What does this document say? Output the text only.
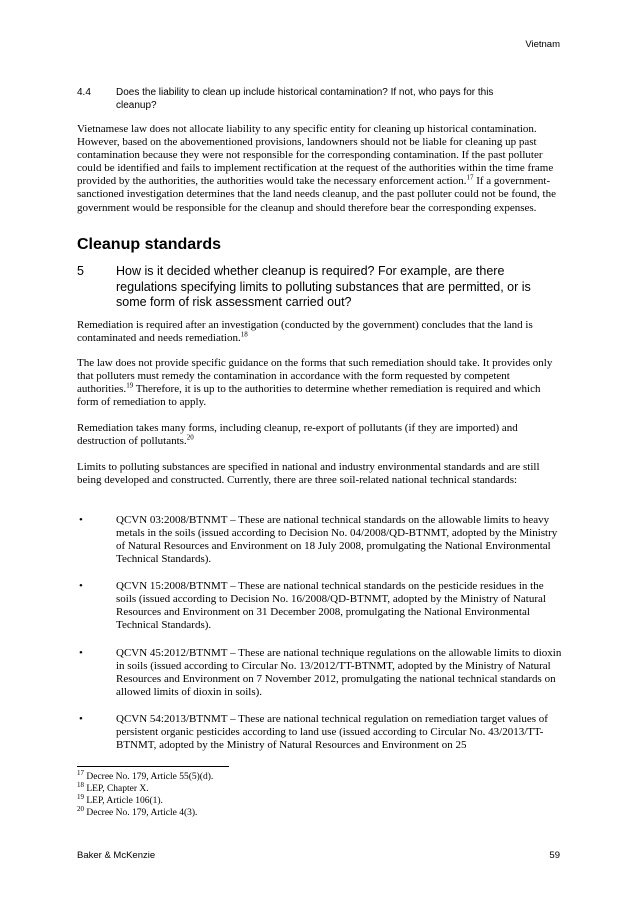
Vietnam
4.4	Does the liability to clean up include historical contamination? If not, who pays for this cleanup?
Vietnamese law does not allocate liability to any specific entity for cleaning up historical contamination. However, based on the abovementioned provisions, landowners should not be liable for cleaning up past contamination because they were not responsible for the corresponding contamination. If the past polluter could be identified and fails to implement rectification at the request of the authorities within the time frame provided by the authorities, the authorities would take the necessary enforcement action.$^{17}$ If a government-sanctioned investigation determines that the land needs cleanup, and the past polluter could not be found, the government would be responsible for the cleanup and should therefore bear the corresponding expenses.
Cleanup standards
5	How is it decided whether cleanup is required? For example, are there regulations specifying limits to polluting substances that are permitted, or is some form of risk assessment carried out?
Remediation is required after an investigation (conducted by the government) concludes that the land is contaminated and needs remediation.$^{18}$
The law does not provide specific guidance on the forms that such remediation should take. It provides only that polluters must remedy the contamination in accordance with the form requested by competent authorities.$^{19}$ Therefore, it is up to the authorities to determine whether remediation is required and which form of remediation to apply.
Remediation takes many forms, including cleanup, re-export of pollutants (if they are imported) and destruction of pollutants.$^{20}$
Limits to polluting substances are specified in national and industry environmental standards and are still being developed and constructed. Currently, there are three soil-related national technical standards:
•	QCVN 03:2008/BTNMT – These are national technical standards on the allowable limits to heavy metals in the soils (issued according to Decision No. 04/2008/QD-BTNMT, adopted by the Ministry of Natural Resources and Environment on 18 July 2008, promulgating the National Environmental Technical Standards).
•	QCVN 15:2008/BTNMT – These are national technical standards on the pesticide residues in the soils (issued according to Decision No. 16/2008/QD-BTNMT, adopted by the Ministry of Natural Resources and Environment on 31 December 2008, promulgating the National Environmental Technical Standards).
•	QCVN 45:2012/BTNMT – These are national technique regulations on the allowable limits to dioxin in soils (issued according to Circular No. 13/2012/TT-BTNMT, adopted by the Ministry of Natural Resources and Environment on 7 November 2012, promulgating the national technical standards on allowed limits of dioxin in soils).
•	QCVN 54:2013/BTNMT – These are national technical regulation on remediation target values of persistent organic pesticides according to land use (issued according to Circular No. 43/2013/TT-BTNMT, adopted by the Ministry of Natural Resources and Environment on 25
$^{17}$ Decree No. 179, Article 55(5)(d).
$^{18}$ LEP, Chapter X.
$^{19}$ LEP, Article 106(1).
$^{20}$ Decree No. 179, Article 4(3).
Baker & McKenzie	59
